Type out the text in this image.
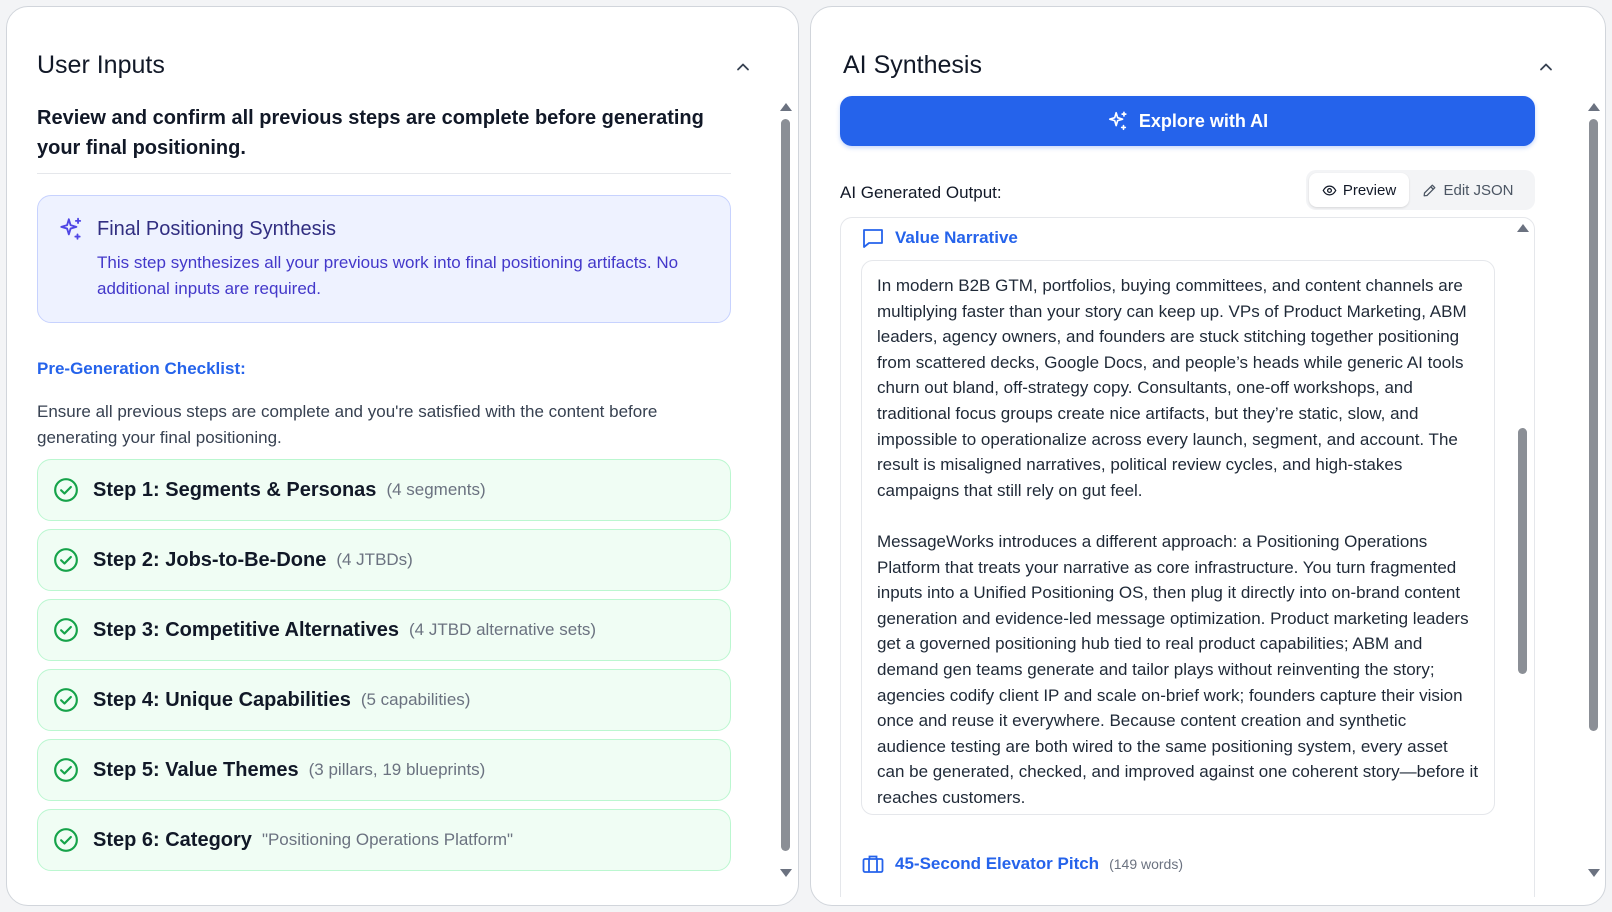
User Inputs
Review and confirm all previous steps are complete before generating your final positioning.
Final Positioning Synthesis
This step synthesizes all your previous work into final positioning artifacts. No additional inputs are required.
Pre-Generation Checklist:
Ensure all previous steps are complete and you're satisfied with the content before generating your final positioning.
Step 1: Segments & Personas (4 segments)
Step 2: Jobs-to-Be-Done (4 JTBDs)
Step 3: Competitive Alternatives (4 JTBD alternative sets)
Step 4: Unique Capabilities (5 capabilities)
Step 5: Value Themes (3 pillars, 19 blueprints)
Step 6: Category "Positioning Operations Platform"
AI Synthesis
Explore with AI
AI Generated Output:	Preview	Edit JSON
Value Narrative

In modern B2B GTM, portfolios, buying committees, and content channels are multiplying faster than your story can keep up. VPs of Product Marketing, ABM leaders, agency owners, and founders are stuck stitching together positioning from scattered decks, Google Docs, and people’s heads while generic AI tools churn out bland, off-strategy copy. Consultants, one-off workshops, and traditional focus groups create nice artifacts, but they’re static, slow, and impossible to operationalize across every launch, segment, and account. The result is misaligned narratives, political review cycles, and high-stakes campaigns that still rely on gut feel.

MessageWorks introduces a different approach: a Positioning Operations Platform that treats your narrative as core infrastructure. You turn fragmented inputs into a Unified Positioning OS, then plug it directly into on-brand content generation and evidence-led message optimization. Product marketing leaders get a governed positioning hub tied to real product capabilities; ABM and demand gen teams generate and tailor plays without reinventing the story; agencies codify client IP and scale on-brief work; founders capture their vision once and reuse it everywhere. Because content creation and synthetic audience testing are both wired to the same positioning system, every asset can be generated, checked, and improved against one coherent story—before it reaches customers.

45-Second Elevator Pitch (149 words)
